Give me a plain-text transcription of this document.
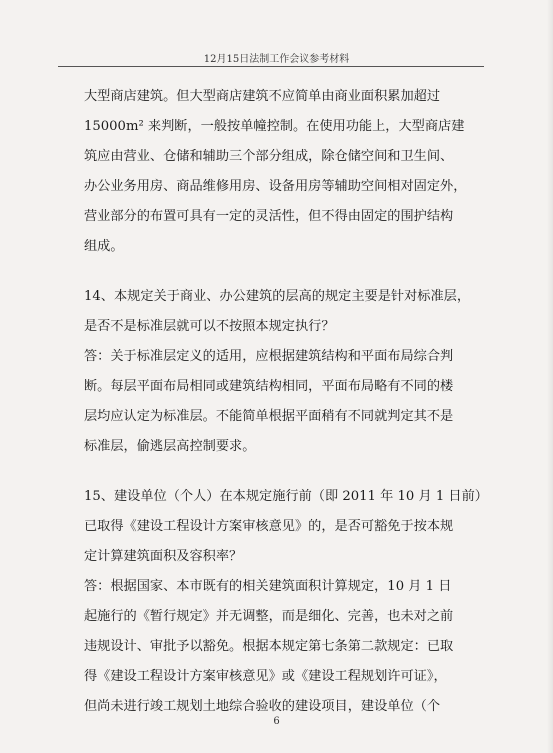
12月15日法制工作会议参考材料
大型商店建筑。但大型商店建筑不应简单由商业面积累加超过
15000m² 来判断，一般按单幢控制。在使用功能上，大型商店建
筑应由营业、仓储和辅助三个部分组成，除仓储空间和卫生间、
办公业务用房、商品维修用房、设备用房等辅助空间相对固定外，
营业部分的布置可具有一定的灵活性，但不得由固定的围护结构
组成。
14、本规定关于商业、办公建筑的层高的规定主要是针对标准层，
是否不是标准层就可以不按照本规定执行？
答：关于标准层定义的适用，应根据建筑结构和平面布局综合判
断。每层平面布局相同或建筑结构相同，平面布局略有不同的楼
层均应认定为标准层。不能简单根据平面稍有不同就判定其不是
标准层，偷逃层高控制要求。
15、建设单位（个人）在本规定施行前（即 2011 年 10 月 1 日前）
已取得《建设工程设计方案审核意见》的，是否可豁免于按本规
定计算建筑面积及容积率？
答：根据国家、本市既有的相关建筑面积计算规定，10 月 1 日
起施行的《暂行规定》并无调整，而是细化、完善，也未对之前
违规设计、审批予以豁免。根据本规定第七条第二款规定：已取
得《建设工程设计方案审核意见》或《建设工程规划许可证》，
但尚未进行竣工规划土地综合验收的建设项目，建设单位（个
6
